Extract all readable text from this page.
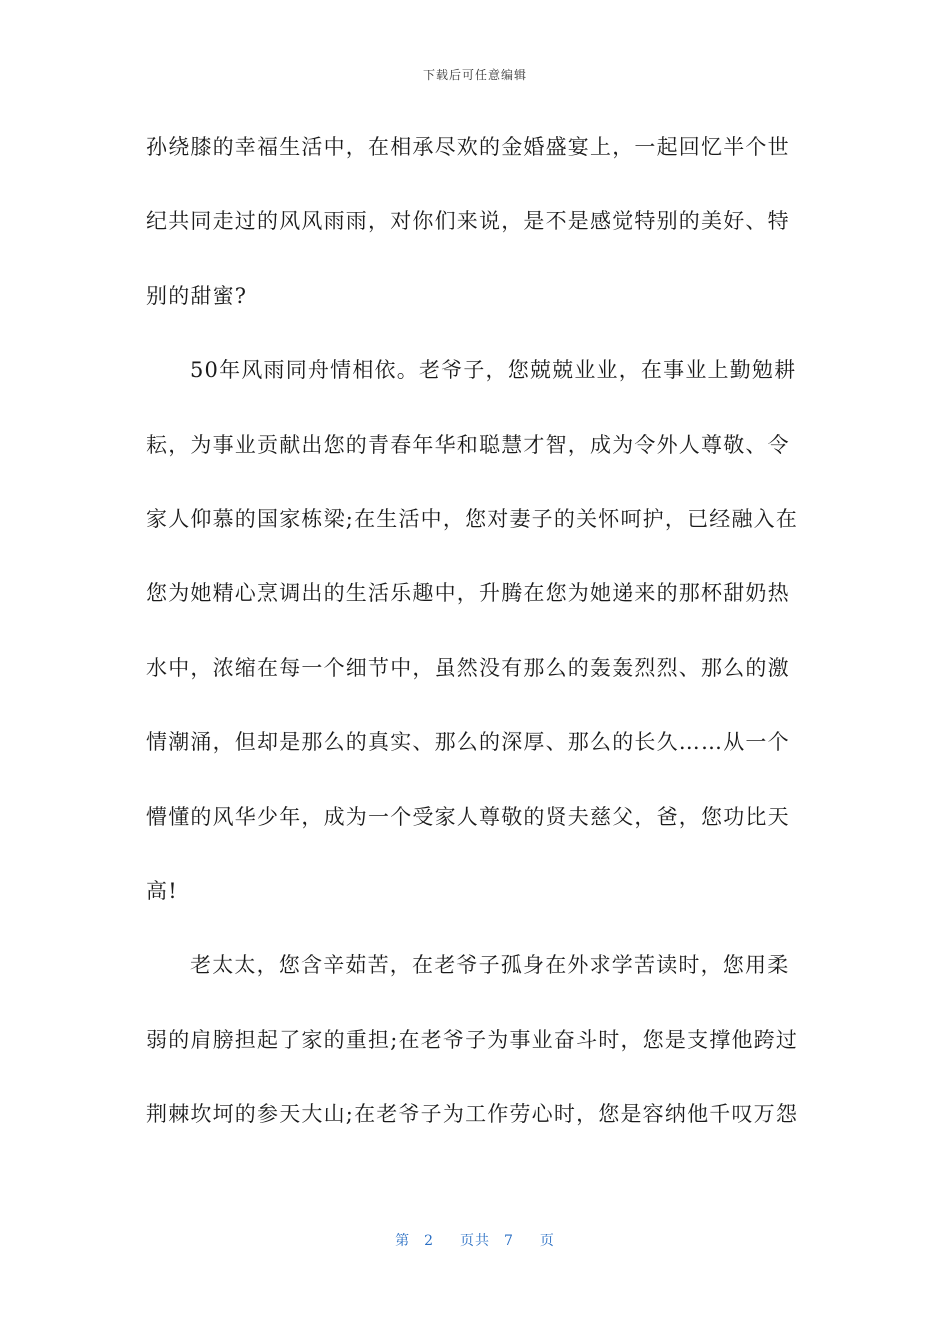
下载后可任意编辑
孙绕膝的幸福生活中，在相承尽欢的金婚盛宴上，一起回忆半个世
纪共同走过的风风雨雨，对你们来说，是不是感觉特别的美好、特
别的甜蜜?
50年风雨同舟情相依。老爷子，您兢兢业业，在事业上勤勉耕
耘，为事业贡献出您的青春年华和聪慧才智，成为令外人尊敬、令
家人仰慕的国家栋梁;在生活中，您对妻子的关怀呵护，已经融入在
您为她精心烹调出的生活乐趣中，升腾在您为她递来的那杯甜奶热
水中，浓缩在每一个细节中，虽然没有那么的轰轰烈烈、那么的激
情潮涌，但却是那么的真实、那么的深厚、那么的长久……从一个
懵懂的风华少年，成为一个受家人尊敬的贤夫慈父，爸，您功比天
高!
老太太，您含辛茹苦，在老爷子孤身在外求学苦读时，您用柔
弱的肩膀担起了家的重担;在老爷子为事业奋斗时，您是支撑他跨过
荆棘坎坷的参天大山;在老爷子为工作劳心时，您是容纳他千叹万怨
第 2 页共 7 页
